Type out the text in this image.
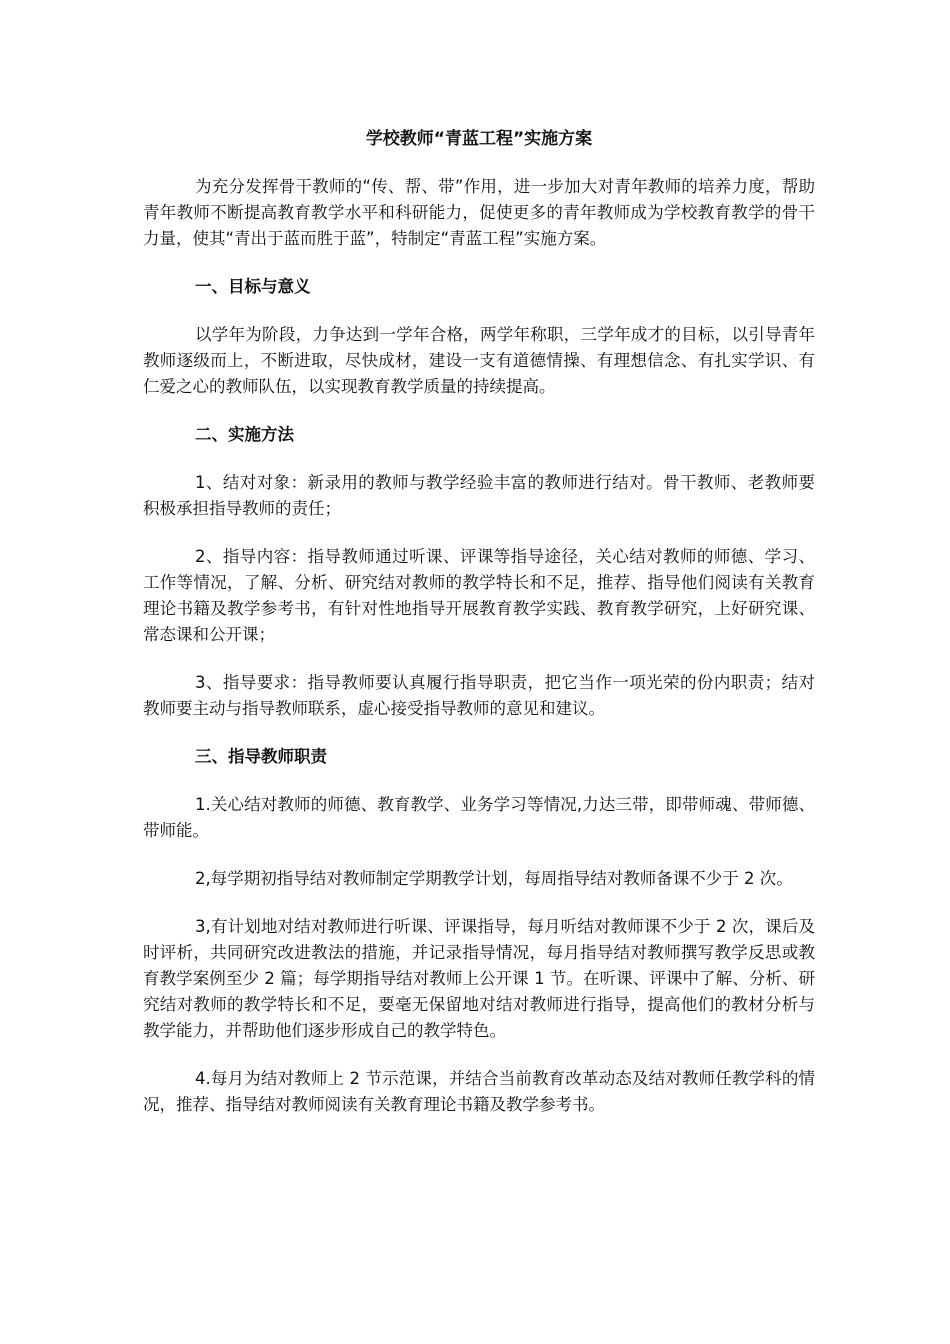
学校教师“青蓝工程”实施方案

为充分发挥骨干教师的“传、帮、带”作用，进一步加大对青年教师的培养力度，帮助青年教师不断提高教育教学水平和科研能力，促使更多的青年教师成为学校教育教学的骨干力量，使其“青出于蓝而胜于蓝”，特制定“青蓝工程”实施方案。

一、目标与意义

以学年为阶段，力争达到一学年合格，两学年称职，三学年成才的目标，以引导青年教师逐级而上，不断进取，尽快成材，建设一支有道德情操、有理想信念、有扎实学识、有仁爱之心的教师队伍，以实现教育教学质量的持续提高。

二、实施方法

1、结对对象：新录用的教师与教学经验丰富的教师进行结对。骨干教师、老教师要积极承担指导教师的责任；

2、指导内容：指导教师通过听课、评课等指导途径，关心结对教师的师德、学习、工作等情况，了解、分析、研究结对教师的教学特长和不足，推荐、指导他们阅读有关教育理论书籍及教学参考书，有针对性地指导开展教育教学实践、教育教学研究，上好研究课、常态课和公开课；

3、指导要求：指导教师要认真履行指导职责，把它当作一项光荣的份内职责；结对教师要主动与指导教师联系，虚心接受指导教师的意见和建议。

三、指导教师职责

1.关心结对教师的师德、教育教学、业务学习等情况,力达三带，即带师魂、带师德、带师能。

2,每学期初指导结对教师制定学期教学计划，每周指导结对教师备课不少于 2 次。

3,有计划地对结对教师进行听课、评课指导，每月听结对教师课不少于 2 次，课后及时评析，共同研究改进教法的措施，并记录指导情况，每月指导结对教师撰写教学反思或教育教学案例至少 2 篇；每学期指导结对教师上公开课 1 节。在听课、评课中了解、分析、研究结对教师的教学特长和不足，要毫无保留地对结对教师进行指导，提高他们的教材分析与教学能力，并帮助他们逐步形成自己的教学特色。

4.每月为结对教师上 2 节示范课，并结合当前教育改革动态及结对教师任教学科的情况，推荐、指导结对教师阅读有关教育理论书籍及教学参考书。
